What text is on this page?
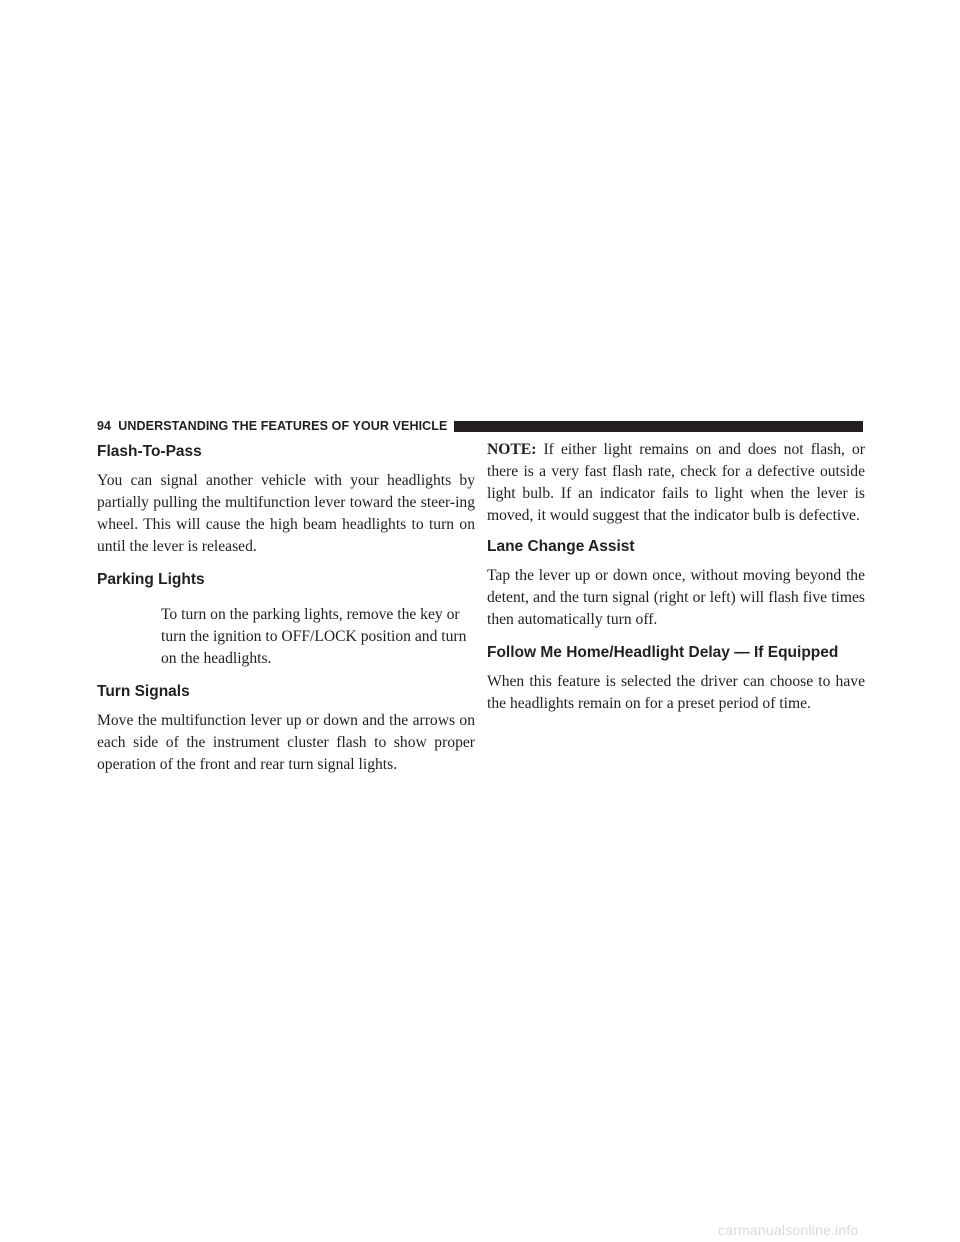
94 UNDERSTANDING THE FEATURES OF YOUR VEHICLE
Flash-To-Pass

You can signal another vehicle with your headlights by partially pulling the multifunction lever toward the steer-ing wheel. This will cause the high beam headlights to turn on until the lever is released.

Parking Lights

To turn on the parking lights, remove the key or turn the ignition to OFF/LOCK position and turn on the headlights.

Turn Signals

Move the multifunction lever up or down and the arrows on each side of the instrument cluster flash to show proper operation of the front and rear turn signal lights.

NOTE: If either light remains on and does not flash, or there is a very fast flash rate, check for a defective outside light bulb. If an indicator fails to light when the lever is moved, it would suggest that the indicator bulb is defective.

Lane Change Assist

Tap the lever up or down once, without moving beyond the detent, and the turn signal (right or left) will flash five times then automatically turn off.

Follow Me Home/Headlight Delay — If Equipped

When this feature is selected the driver can choose to have the headlights remain on for a preset period of time.

carmanualsonline.info
